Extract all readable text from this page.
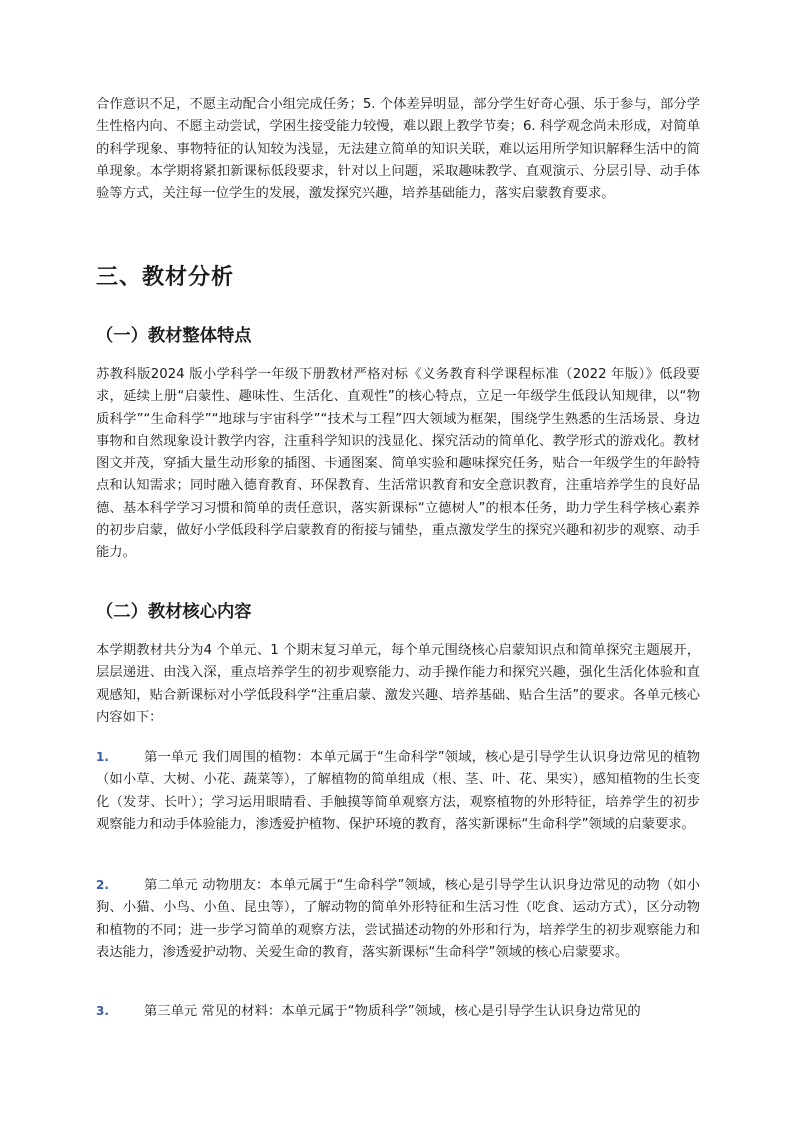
合作意识不足，不愿主动配合小组完成任务；5. 个体差异明显，部分学生好奇心强、乐于参与，部分学生性格内向、不愿主动尝试，学困生接受能力较慢，难以跟上教学节奏；6. 科学观念尚未形成，对简单的科学现象、事物特征的认知较为浅显，无法建立简单的知识关联，难以运用所学知识解释生活中的简单现象。本学期将紧扣新课标低段要求，针对以上问题，采取趣味教学、直观演示、分层引导、动手体验等方式，关注每一位学生的发展，激发探究兴趣，培养基础能力，落实启蒙教育要求。

三、教材分析
（一）教材整体特点

苏教科版2024 版小学科学一年级下册教材严格对标《义务教育科学课程标准（2022 年版）》低段要求，延续上册“启蒙性、趣味性、生活化、直观性”的核心特点，立足一年级学生低段认知规律，以“物质科学”“生命科学”“地球与宇宙科学”“技术与工程”四大领域为框架，围绕学生熟悉的生活场景、身边事物和自然现象设计教学内容，注重科学知识的浅显化、探究活动的简单化、教学形式的游戏化。教材图文并茂，穿插大量生动形象的插图、卡通图案、简单实验和趣味探究任务，贴合一年级学生的年龄特点和认知需求；同时融入德育教育、环保教育、生活常识教育和安全意识教育，注重培养学生的良好品德、基本科学学习习惯和简单的责任意识，落实新课标“立德树人”的根本任务，助力学生科学核心素养的初步启蒙，做好小学低段科学启蒙教育的衔接与铺垫，重点激发学生的探究兴趣和初步的观察、动手能力。

（二）教材核心内容

本学期教材共分为4 个单元、1 个期末复习单元，每个单元围绕核心启蒙知识点和简单探究主题展开，层层递进、由浅入深，重点培养学生的初步观察能力、动手操作能力和探究兴趣，强化生活化体验和直观感知，贴合新课标对小学低段科学“注重启蒙、激发兴趣、培养基础、贴合生活”的要求。各单元核心内容如下：

1.	第一单元 我们周围的植物：本单元属于“生命科学”领域，核心是引导学生认识身边常见的植物（如小草、大树、小花、蔬菜等），了解植物的简单组成（根、茎、叶、花、果实），感知植物的生长变化（发芽、长叶）；学习运用眼睛看、手触摸等简单观察方法，观察植物的外形特征，培养学生的初步观察能力和动手体验能力，渗透爱护植物、保护环境的教育，落实新课标“生命科学”领域的启蒙要求。

2.	第二单元 动物朋友：本单元属于“生命科学”领域，核心是引导学生认识身边常见的动物（如小狗、小猫、小鸟、小鱼、昆虫等），了解动物的简单外形特征和生活习性（吃食、运动方式），区分动物和植物的不同；进一步学习简单的观察方法，尝试描述动物的外形和行为，培养学生的初步观察能力和表达能力，渗透爱护动物、关爱生命的教育，落实新课标“生命科学”领域的核心启蒙要求。

3.	第三单元 常见的材料：本单元属于“物质科学”领域，核心是引导学生认识身边常见的
